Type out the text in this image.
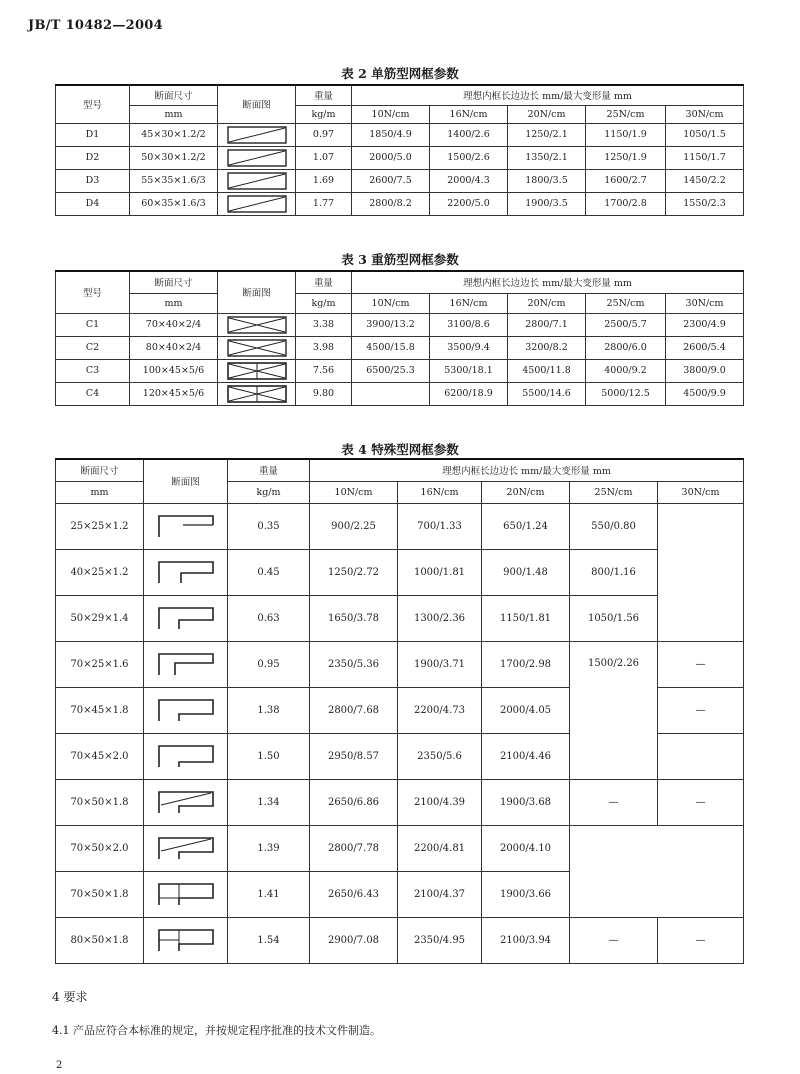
JB/T 10482—2004
表 2 单筋型网框参数
型号	断面尺寸	断面图	重量	理想内框长边边长 mm/最大变形量 mm				
	mm		kg/m	10N/cm	16N/cm	20N/cm	25N/cm	30N/cm
D1	45×30×1.2/2		0.97	1850/4.9	1400/2.6	1250/2.1	1150/1.9	1050/1.5
D2	50×30×1.2/2		1.07	2000/5.0	1500/2.6	1350/2.1	1250/1.9	1150/1.7
D3	55×35×1.6/3		1.69	2600/7.5	2000/4.3	1800/3.5	1600/2.7	1450/2.2
D4	60×35×1.6/3		1.77	2800/8.2	2200/5.0	1900/3.5	1700/2.8	1550/2.3
表 3 重筋型网框参数
型号	断面尺寸	断面图	重量	理想内框长边边长 mm/最大变形量 mm				
	mm		kg/m	10N/cm	16N/cm	20N/cm	25N/cm	30N/cm
C1	70×40×2/4		3.38	3900/13.2	3100/8.6	2800/7.1	2500/5.7	2300/4.9
C2	80×40×2/4		3.98	4500/15.8	3500/9.4	3200/8.2	2800/6.0	2600/5.4
C3	100×45×5/6		7.56	6500/25.3	5300/18.1	4500/11.8	4000/9.2	3800/9.0
C4	120×45×5/6		9.80		6200/18.9	5500/14.6	5000/12.5	4500/9.9
表 4 特殊型网框参数
断面尺寸	断面图	重量	理想内框长边边长 mm/最大变形量 mm				
mm		kg/m	10N/cm	16N/cm	20N/cm	25N/cm	30N/cm
25×25×1.2		0.35	900/2.25	700/1.33	650/1.24	550/0.80	
40×25×1.2		0.45	1250/2.72	1000/1.81	900/1.48	800/1.16	
50×29×1.4		0.63	1650/3.78	1300/2.36	1150/1.81	1050/1.56	
70×25×1.6		0.95	2350/5.36	1900/3.71	1700/2.98	1500/2.26	—
70×45×1.8		1.38	2800/7.68	2200/4.73	2000/4.05		—
70×45×2.0		1.50	2950/8.57	2350/5.6	2100/4.46		
70×50×1.8		1.34	2650/6.86	2100/4.39	1900/3.68	—	—
70×50×2.0		1.39	2800/7.78	2200/4.81	2000/4.10		
70×50×1.8		1.41	2650/6.43	2100/4.37	1900/3.66		
80×50×1.8		1.54	2900/7.08	2350/4.95	2100/3.94	—	—
4 要求
4.1 产品应符合本标准的规定，并按规定程序批准的技术文件制造。
2
